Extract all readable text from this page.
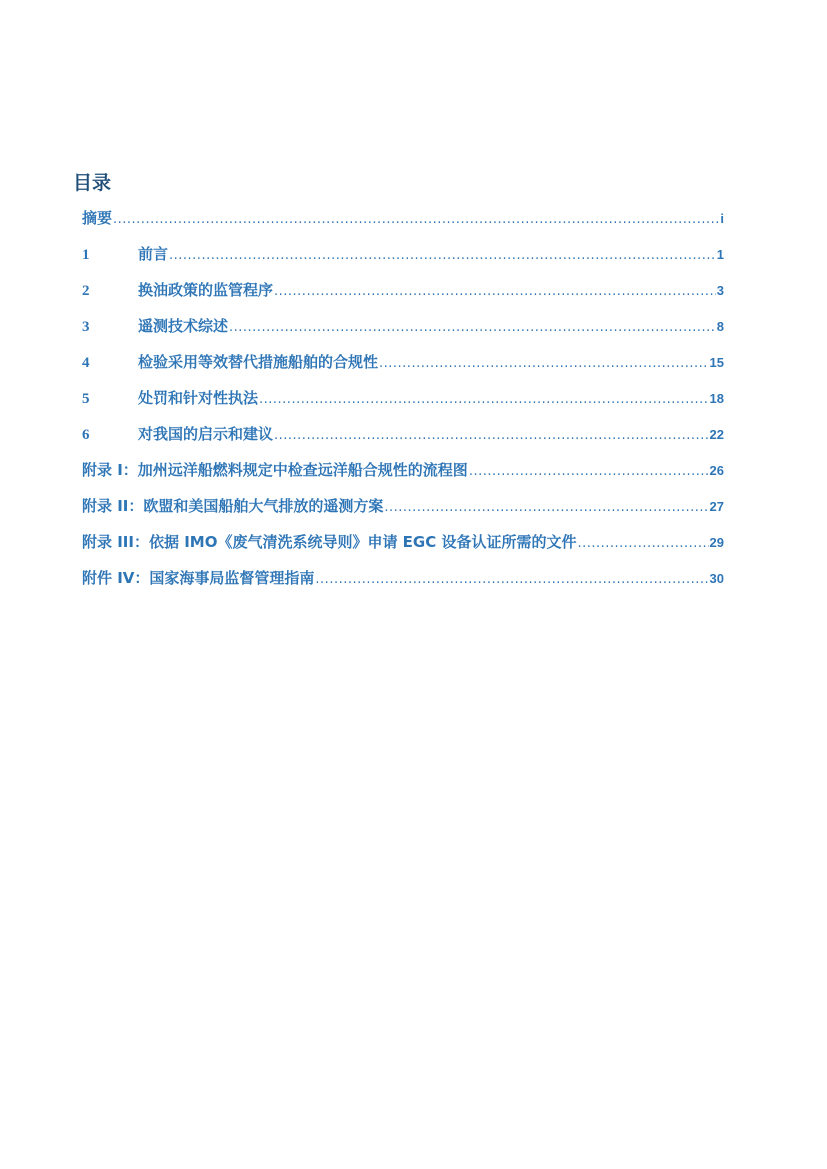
目录
摘要 .....	i
1	前言 .....	1
2	换油政策的监管程序 .....	3
3	遥测技术综述 .....	8
4	检验采用等效替代措施船舶的合规性 .....	15
5	处罚和针对性执法 .....	18
6	对我国的启示和建议 .....	22
附录 I：加州远洋船燃料规定中检查远洋船合规性的流程图 .....	26
附录 II：欧盟和美国船舶大气排放的遥测方案 .....	27
附录 III：依据 IMO《废气清洗系统导则》申请 EGC 设备认证所需的文件 .....	29
附件 IV：国家海事局监督管理指南 .....	30
